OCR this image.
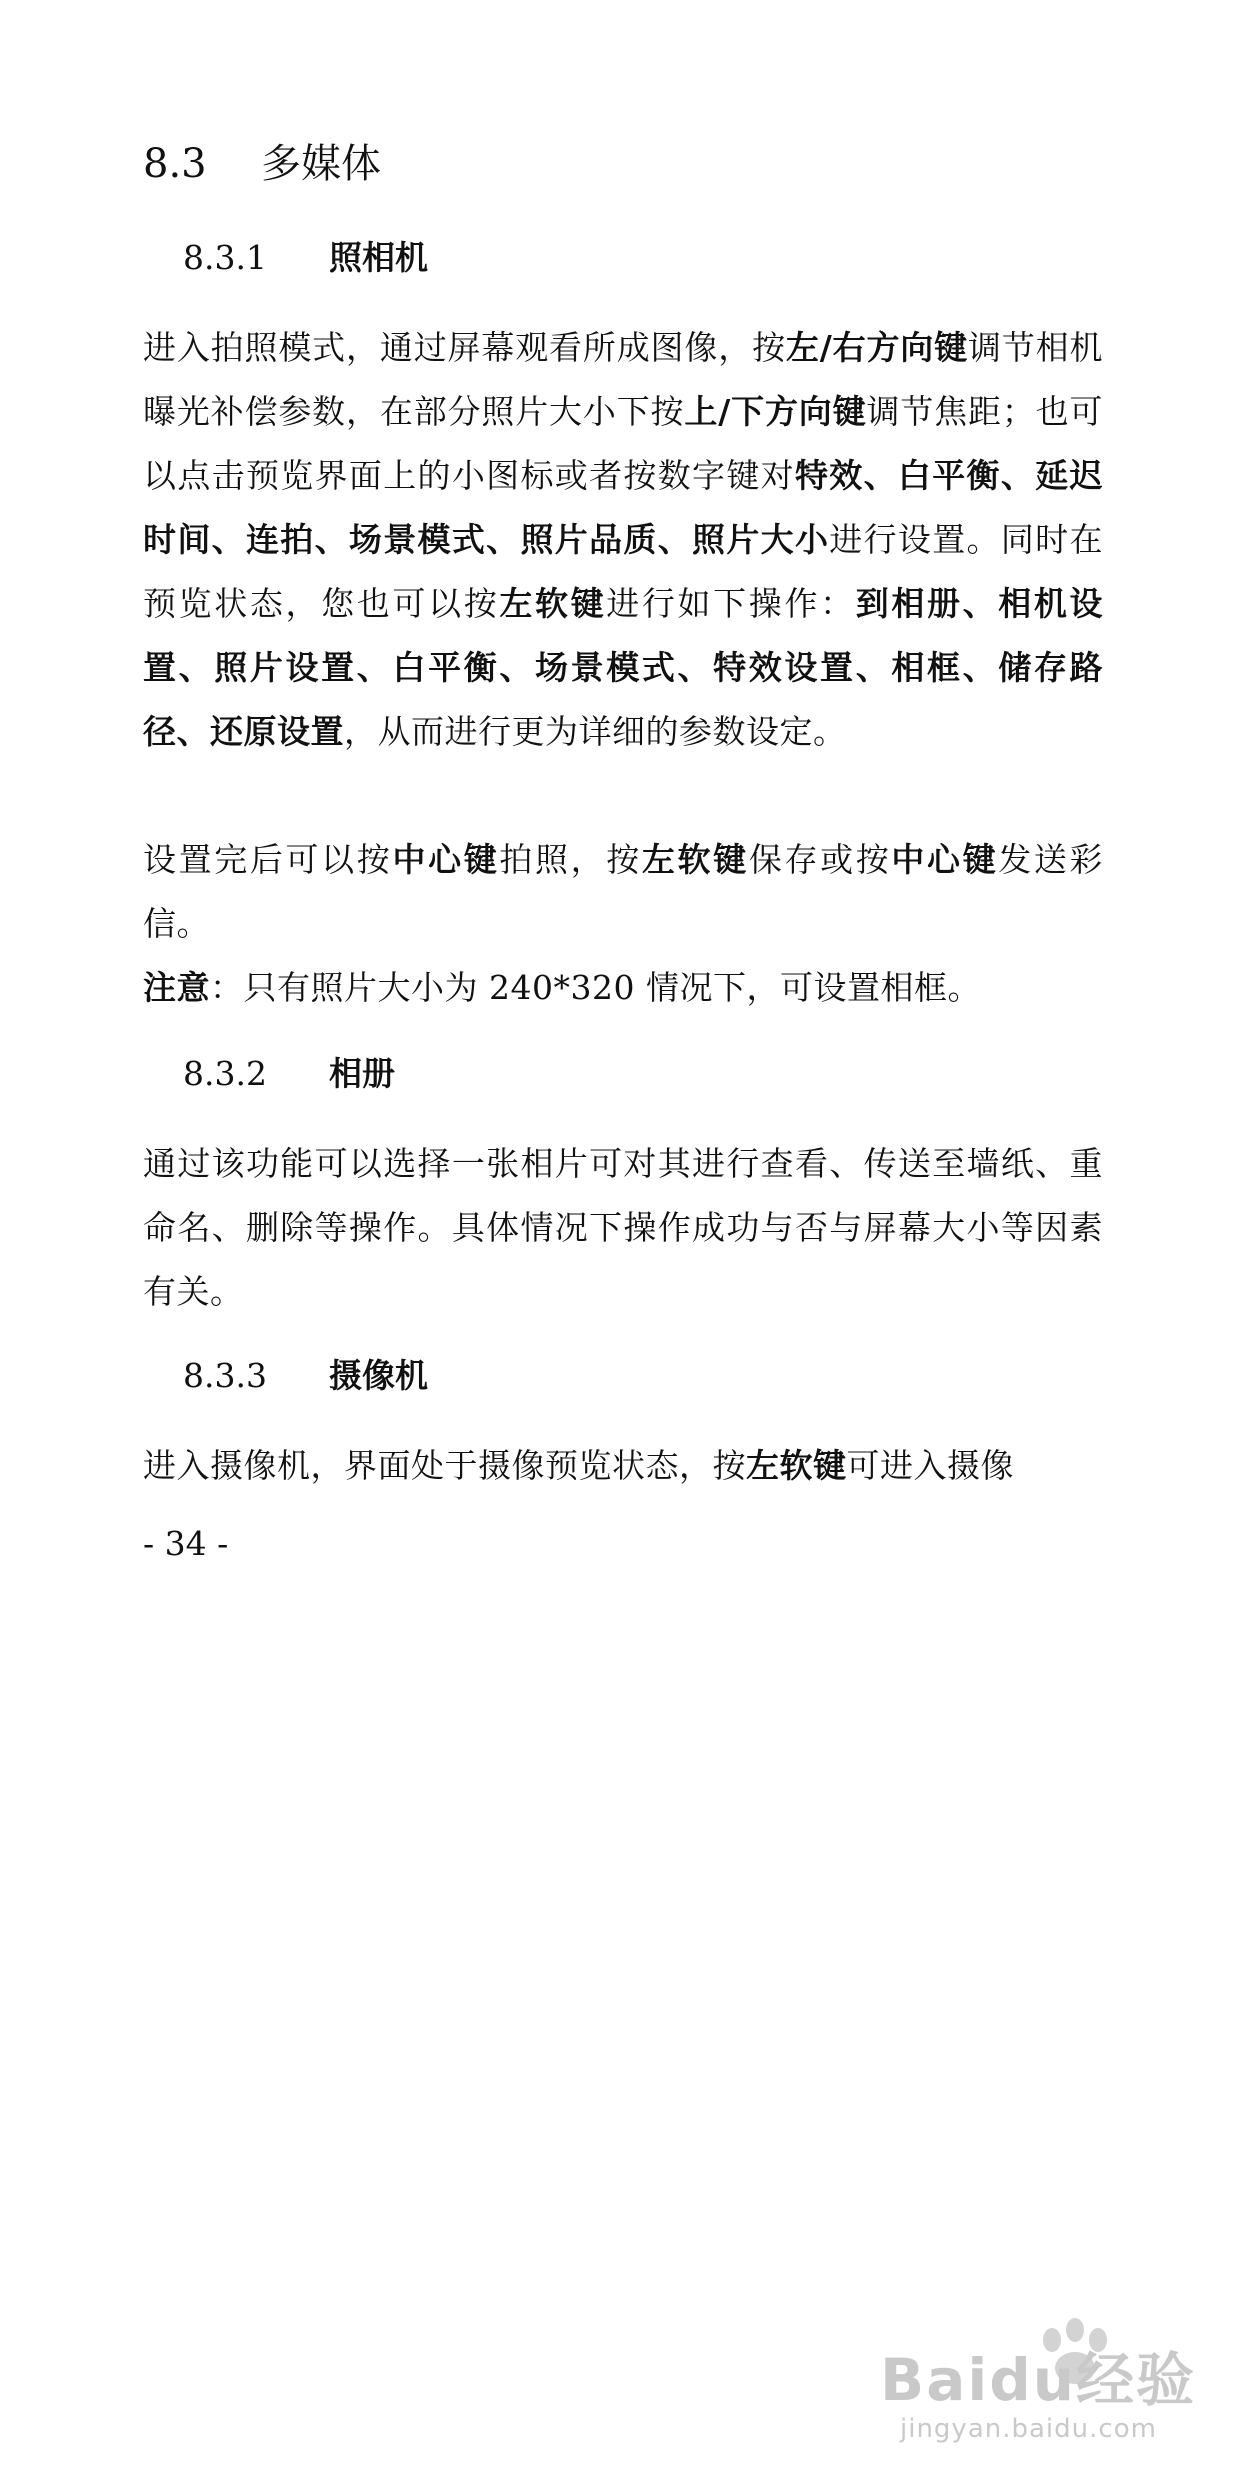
8.3 多媒体
8.3.1 照相机

进入拍照模式，通过屏幕观看所成图像，按左/右方向键调节相机曝光补偿参数，在部分照片大小下按上/下方向键调节焦距；也可以点击预览界面上的小图标或者按数字键对特效、白平衡、延迟时间、连拍、场景模式、照片品质、照片大小进行设置。同时在预览状态，您也可以按左软键进行如下操作：到相册、相机设置、照片设置、白平衡、场景模式、特效设置、相框、储存路径、还原设置，从而进行更为详细的参数设定。

设置完后可以按中心键拍照，按左软键保存或按中心键发送彩信。

注意：只有照片大小为 240*320 情况下，可设置相框。

8.3.2 相册

通过该功能可以选择一张相片可对其进行查看、传送至墙纸、重命名、删除等操作。具体情况下操作成功与否与屏幕大小等因素有关。

8.3.3 摄像机

进入摄像机，界面处于摄像预览状态，按左软键可进入摄像

- 34 -

Baidu经验
jingyan.baidu.com
